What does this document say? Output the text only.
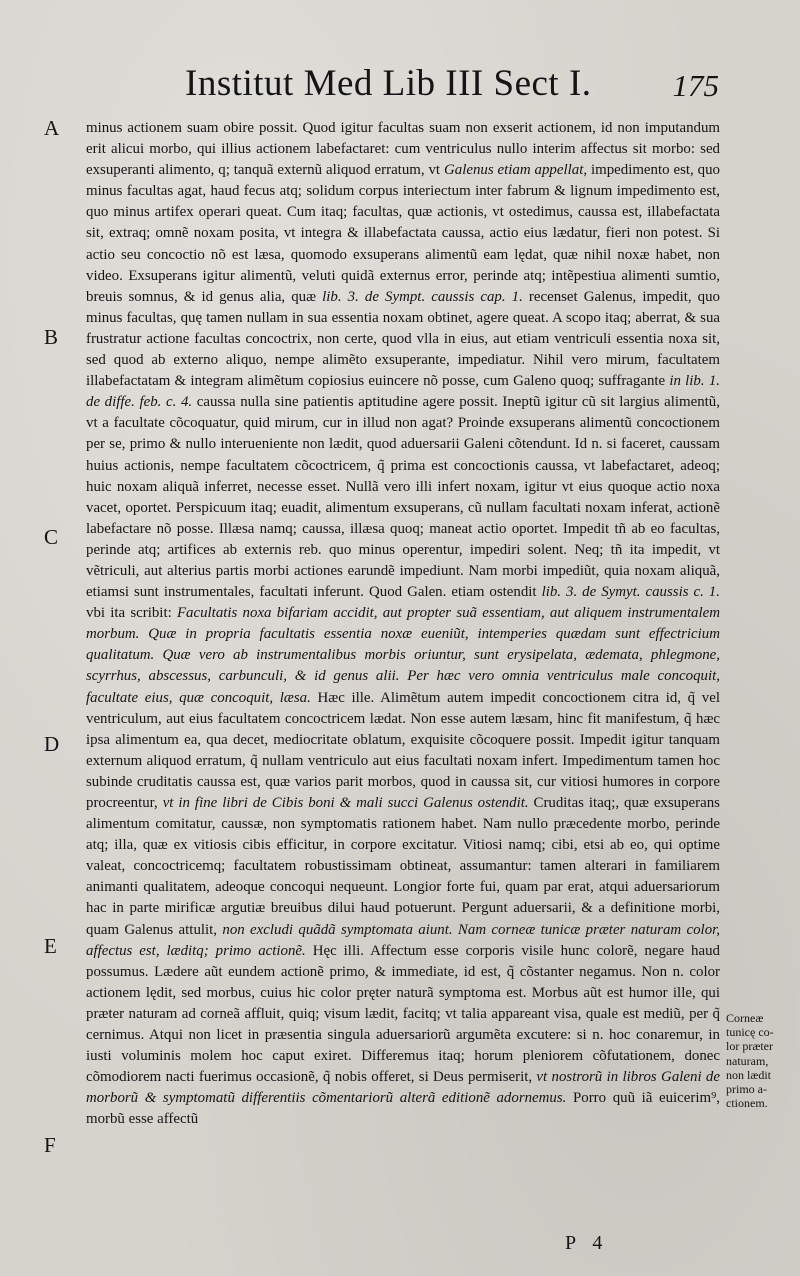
Institut Med Lib III Sect I.	175
A
B
C
D
E
F

minus actionem suam obire possit. Quod igitur facultas suam non exserit actionem, id non imputandum erit alicui morbo, qui illius actionem labefactaret: cum ventriculus nullo interim affectus sit morbo: sed exsuperanti alimento, q; tanquã externũ aliquod erratum, vt Galenus etiam appellat, impedimento est, quo minus facultas agat, haud fecus atq; solidum corpus interiectum inter fabrum & lignum impedimento est, quo minus artifex operari queat. Cum itaq; facultas, quæ actionis, vt ostedimus, caussa est, illabefactata sit, extraq; omnẽ noxam posita, vt integra & illabefactata caussa, actio eius lædatur, fieri non potest. Si actio seu concoctio nõ est læsa, quomodo exsuperans alimentũ eam lędat, quæ nihil noxæ habet, non video. Exsuperans igitur alimentũ, veluti quidã externus error, perinde atq; intẽpestiua alimenti sumtio, breuis somnus, & id genus alia, quæ lib. 3. de Sympt. caussis cap. 1. recenset Galenus, impedit, quo minus facultas, quę tamen nullam in sua essentia noxam obtinet, agere queat. A scopo itaq; aberrat, & sua frustratur actione facultas concoctrix, non certe, quod vlla in eius, aut etiam ventriculi essentia noxa sit, sed quod ab externo aliquo, nempe alimẽto exsuperante, impediatur. Nihil vero mirum, facultatem illabefactatam & integram alimẽtum copiosius euincere nõ posse, cum Galeno quoq; suffragante in lib. 1. de diffe. feb. c. 4. caussa nulla sine patientis aptitudine agere possit. Ineptũ igitur cũ sit largius alimentũ, vt a facultate cõcoquatur, quid mirum, cur in illud non agat? Proinde exsuperans alimentũ concoctionem per se, primo & nullo interueniente non lædit, quod aduersarii Galeni cõtendunt. Id n. si faceret, caussam huius actionis, nempe facultatem cõcoctricem, q̃ prima est concoctionis caussa, vt labefactaret, adeoq; huic noxam aliquã inferret, necesse esset. Nullã vero illi infert noxam, igitur vt eius quoque actio noxa vacet, oportet. Perspicuum itaq; euadit, alimentum exsuperans, cũ nullam facultati noxam inferat, actionẽ labefactare nõ posse. Illæsa namq; caussa, illæsa quoq; maneat actio oportet. Impedit tñ ab eo facultas, perinde atq; artifices ab externis reb. quo minus operentur, impediri solent. Neq; tñ ita impedit, vt vẽtriculi, aut alterius partis morbi actiones earundẽ impediunt. Nam morbi impediũt, quia noxam aliquã, etiamsi sunt instrumentales, facultati inferunt. Quod Galen. etiam ostendit lib. 3. de Symyt. caussis c. 1. vbi ita scribit: Facultatis noxa bifariam accidit, aut propter suã essentiam, aut aliquem instrumentalem morbum. Quæ in propria facultatis essentia noxæ eueniũt, intemperies quædam sunt effectricium qualitatum. Quæ vero ab instrumentalibus morbis oriuntur, sunt erysipelata, ædemata, phlegmone, scyrrhus, abscessus, carbunculi, & id genus alii. Per hæc vero omnia ventriculus male concoquit, facultate eius, quæ concoquit, læsa. Hæc ille. Alimẽtum autem impedit concoctionem citra id, q̃ vel ventriculum, aut eius facultatem concoctricem lædat. Non esse autem læsam, hinc fit manifestum, q̃ hæc ipsa alimentum ea, qua decet, mediocritate oblatum, exquisite cõcoquere possit. Impedit igitur tanquam externum aliquod erratum, q̃ nullam ventriculo aut eius facultati noxam infert. Impedimentum tamen hoc subinde cruditatis caussa est, quæ varios parit morbos, quod in caussa sit, cur vitiosi humores in corpore procreentur, vt in fine libri de Cibis boni & mali succi Galenus ostendit. Cruditas itaq;, quæ exsuperans alimentum comitatur, caussæ, non symptomatis rationem habet. Nam nullo præcedente morbo, perinde atq; illa, quæ ex vitiosis cibis efficitur, in corpore excitatur. Vitiosi namq; cibi, etsi ab eo, qui optime valeat, concoctricemq; facultatem robustissimam obtineat, assumantur: tamen alterari in familiarem animanti qualitatem, adeoque concoqui nequeunt. Longior forte fui, quam par erat, atqui aduersariorum hac in parte mirificæ argutiæ breuibus dilui haud potuerunt. Pergunt aduersarii, & a definitione morbi, quam Galenus attulit, non excludi quãdã symptomata aiunt. Nam corneæ tunicæ præter naturam color, affectus est, læditq; primo actionẽ. Hęc illi. Affectum esse corporis visile hunc colorẽ, negare haud possumus. Lædere aũt eundem actionẽ primo, & immediate, id est, q̃ cõstanter negamus. Non n. color actionem lędit, sed morbus, cuius hic color pręter naturã symptoma est. Morbus aũt est humor ille, qui præter naturam ad corneã affluit, quiq; visum lædit, facitq; vt talia appareant visa, quale est mediũ, per q̃ cernimus. Atqui non licet in præsentia singula aduersariorũ argumẽta excutere: si n. hoc conaremur, in iusti voluminis molem hoc caput exiret. Differemus itaq; horum pleniorem cõfutationem, donec cõmodiorem nacti fuerimus occasionẽ, q̃ nobis offeret, si Deus permiserit, vt nostrorũ in libros Galeni de morborũ & symptomatũ differentiis cõmentariorũ alterã editionẽ adornemus. Porro quũ iã euicerim⁹, morbũ esse affectũ

Corneæ
tunicę co-
lor præter
naturam,
non lædit
primo a-
ctionem.
P 4
